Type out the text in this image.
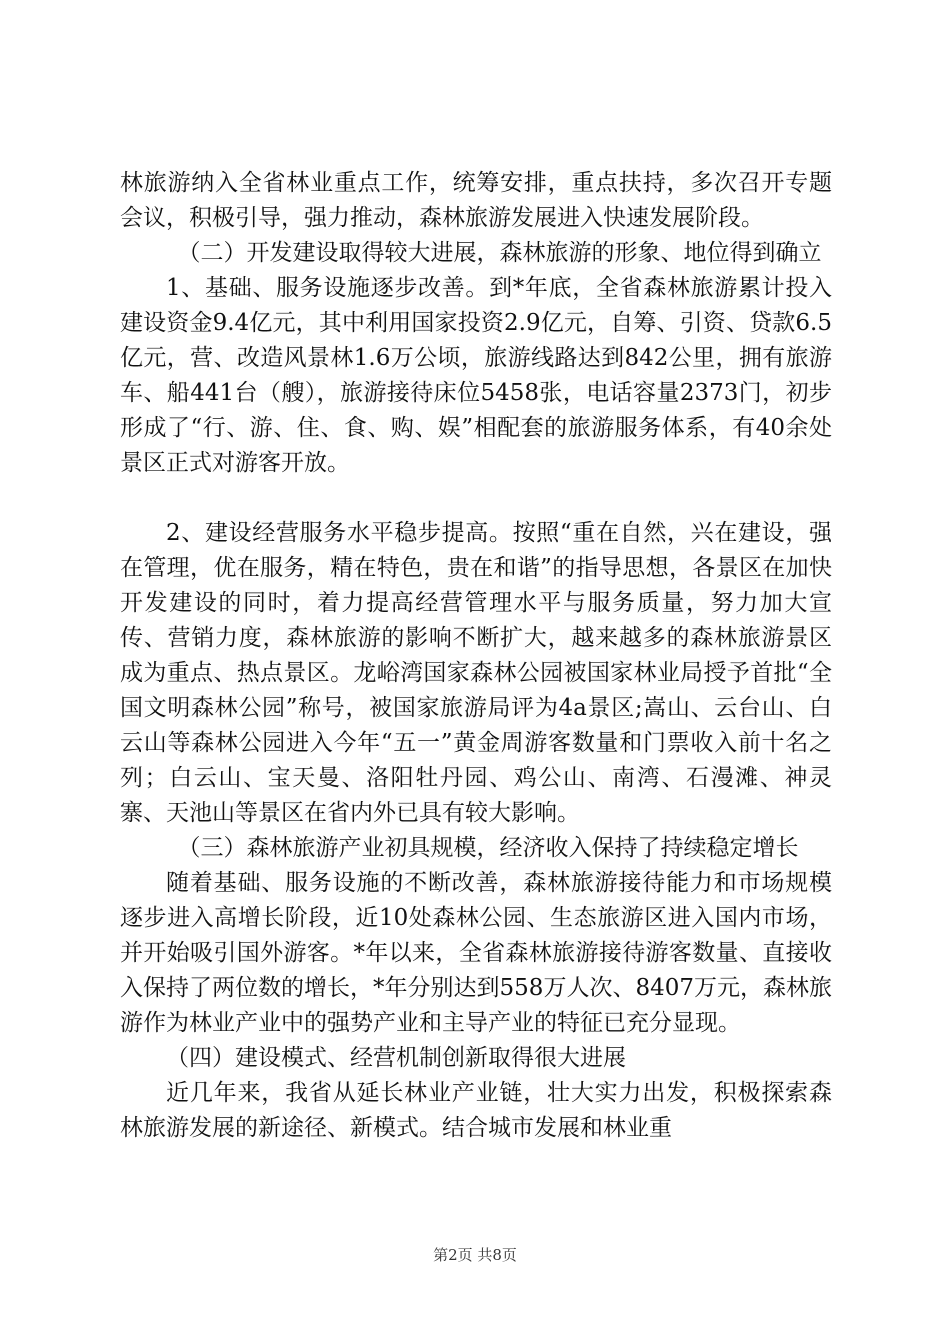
林旅游纳入全省林业重点工作，统筹安排，重点扶持，多次召开专题会议，积极引导，强力推动，森林旅游发展进入快速发展阶段。

（二）开发建设取得较大进展，森林旅游的形象、地位得到确立

1、基础、服务设施逐步改善。到*年底，全省森林旅游累计投入建设资金9.4亿元，其中利用国家投资2.9亿元，自筹、引资、贷款6.5亿元，营、改造风景林1.6万公顷，旅游线路达到842公里，拥有旅游车、船441台（艘），旅游接待床位5458张，电话容量2373门，初步形成了“行、游、住、食、购、娱”相配套的旅游服务体系，有40余处景区正式对游客开放。

2、建设经营服务水平稳步提高。按照“重在自然，兴在建设，强在管理，优在服务，精在特色，贵在和谐”的指导思想，各景区在加快开发建设的同时，着力提高经营管理水平与服务质量，努力加大宣传、营销力度，森林旅游的影响不断扩大，越来越多的森林旅游景区成为重点、热点景区。龙峪湾国家森林公园被国家林业局授予首批“全国文明森林公园”称号，被国家旅游局评为4a景区;嵩山、云台山、白云山等森林公园进入今年“五一”黄金周游客数量和门票收入前十名之列；白云山、宝天曼、洛阳牡丹园、鸡公山、南湾、石漫滩、神灵寨、天池山等景区在省内外已具有较大影响。

（三）森林旅游产业初具规模，经济收入保持了持续稳定增长

随着基础、服务设施的不断改善，森林旅游接待能力和市场规模逐步进入高增长阶段，近10处森林公园、生态旅游区进入国内市场，并开始吸引国外游客。*年以来，全省森林旅游接待游客数量、直接收入保持了两位数的增长，*年分别达到558万人次、8407万元，森林旅游作为林业产业中的强势产业和主导产业的特征已充分显现。

（四）建设模式、经营机制创新取得很大进展

近几年来，我省从延长林业产业链，壮大实力出发，积极探索森林旅游发展的新途径、新模式。结合城市发展和林业重

第2页 共8页
